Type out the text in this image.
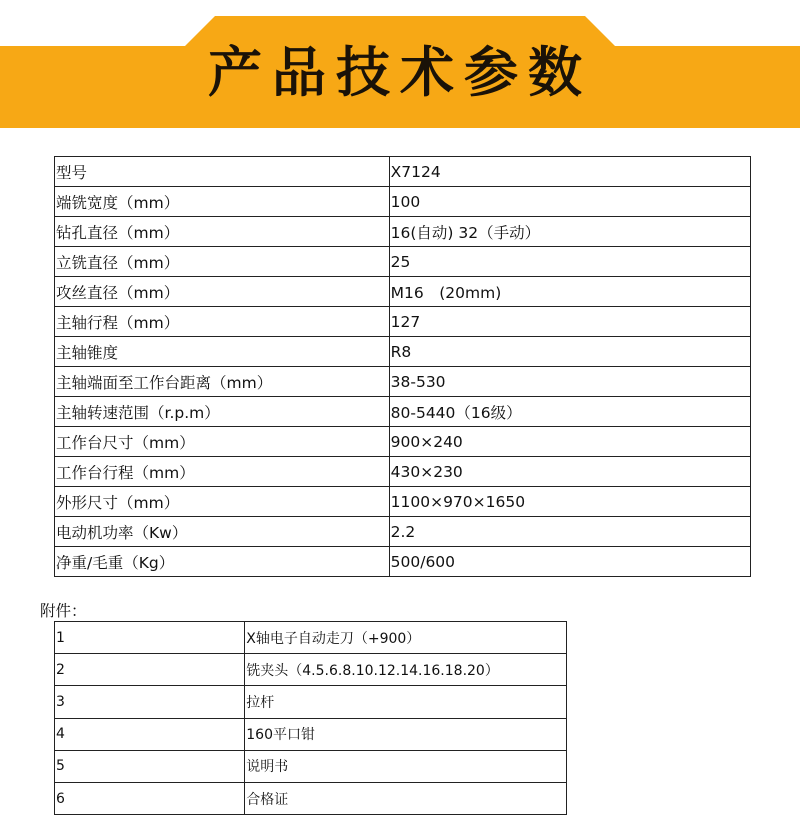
产品技术参数
型号	X7124
端铣宽度（mm）	100
钻孔直径（mm）	16(自动) 32（手动）
立铣直径（mm）	25
攻丝直径（mm）	M16　(20mm)
主轴行程（mm）	127
主轴锥度	R8
主轴端面至工作台距离（mm）	38-530
主轴转速范围（r.p.m）	80-5440（16级）
工作台尺寸（mm）	900×240
工作台行程（mm）	430×230
外形尺寸（mm）	1100×970×1650
电动机功率（Kw）	2.2
净重/毛重（Kg）	500/600
附件：
1	X轴电子自动走刀（+900）
2	铣夹头（4.5.6.8.10.12.14.16.18.20）
3	拉杆
4	160平口钳
5	说明书
6	合格证
